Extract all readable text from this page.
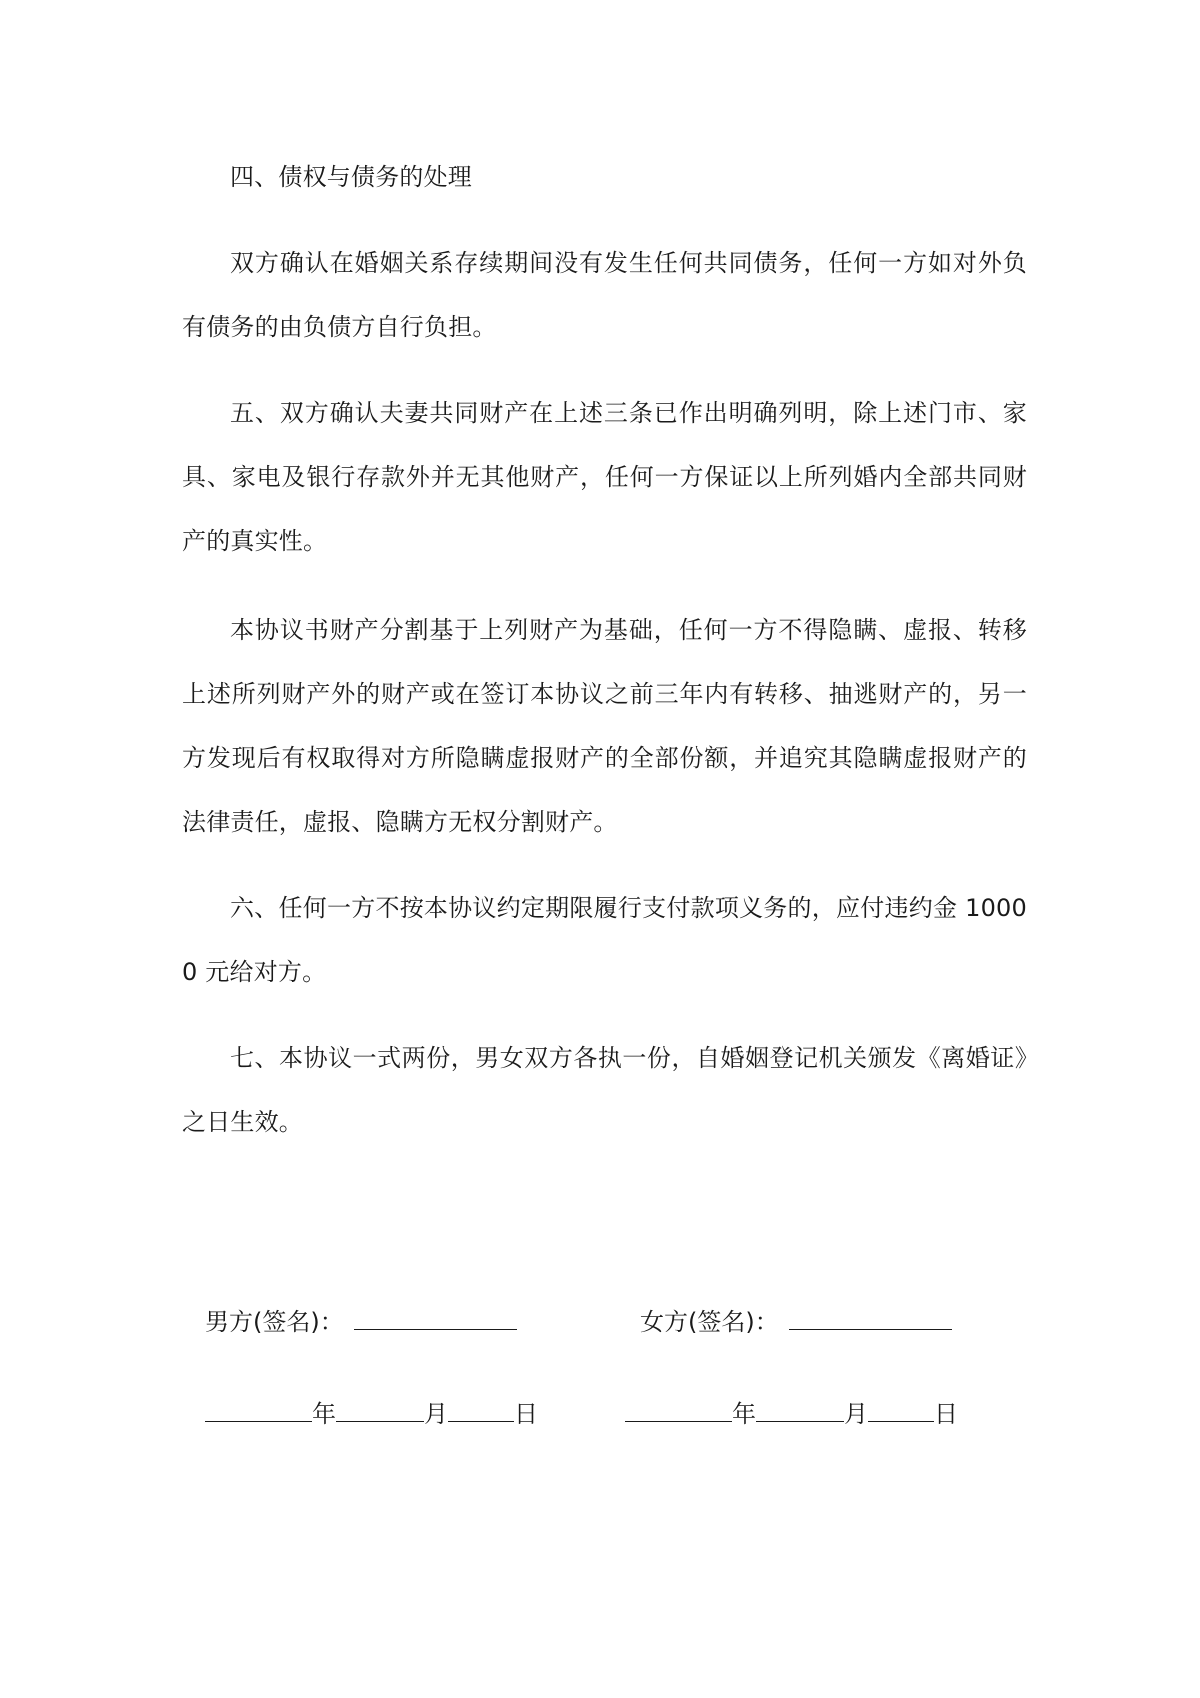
四、债权与债务的处理

双方确认在婚姻关系存续期间没有发生任何共同债务，任何一方如对外负有债务的由负债方自行负担。

五、双方确认夫妻共同财产在上述三条已作出明确列明，除上述门市、家具、家电及银行存款外并无其他财产，任何一方保证以上所列婚内全部共同财产的真实性。

本协议书财产分割基于上列财产为基础，任何一方不得隐瞒、虚报、转移上述所列财产外的财产或在签订本协议之前三年内有转移、抽逃财产的，另一方发现后有权取得对方所隐瞒虚报财产的全部份额，并追究其隐瞒虚报财产的法律责任，虚报、隐瞒方无权分割财产。

六、任何一方不按本协议约定期限履行支付款项义务的，应付违约金 10000 元给对方。

七、本协议一式两份，男女双方各执一份，自婚姻登记机关颁发《离婚证》之日生效。

男方(签名)：	女方(签名)：
年	月	日	年	月	日
